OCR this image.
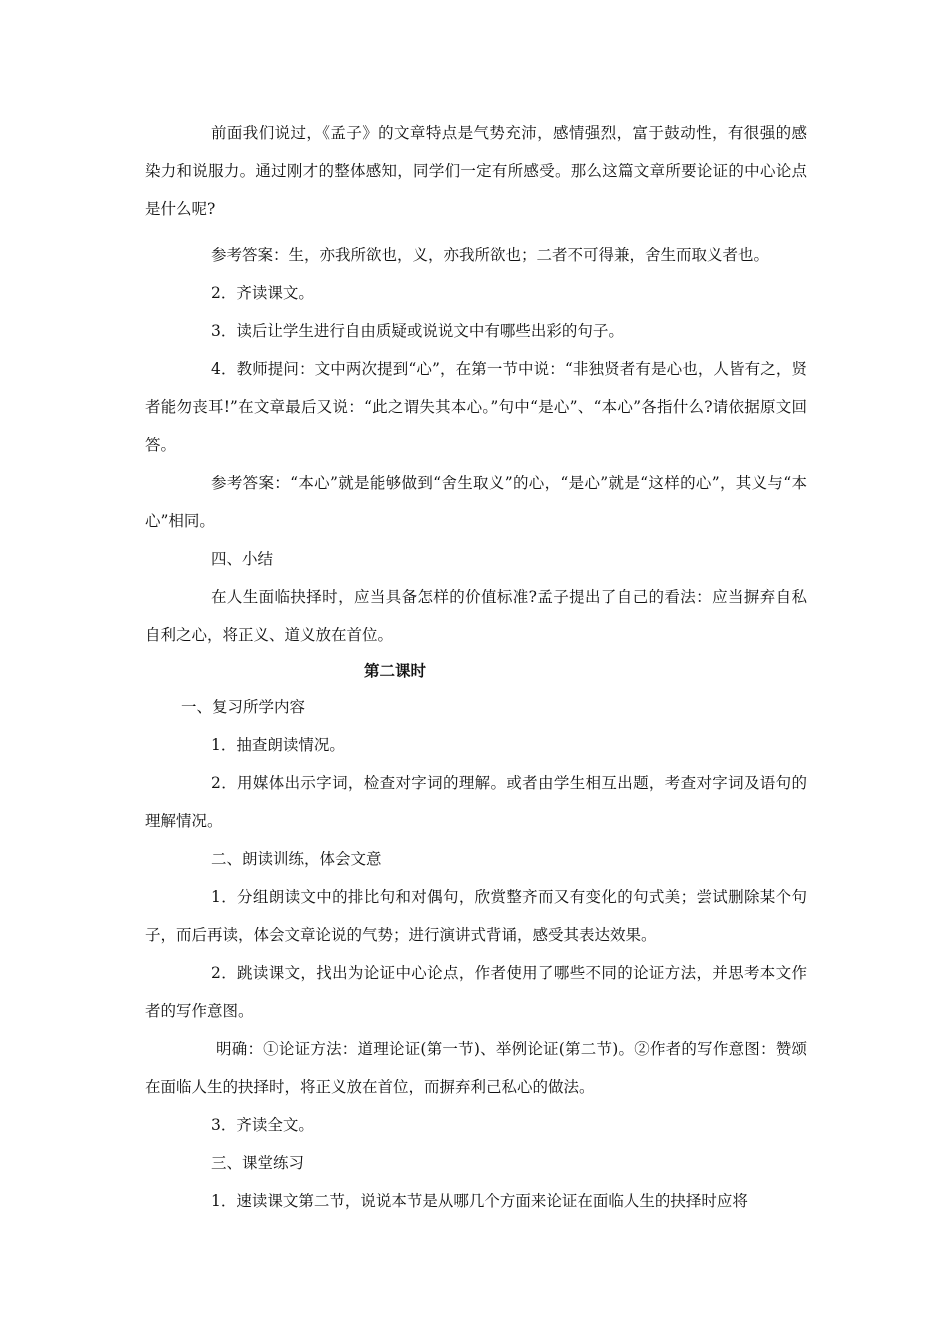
前面我们说过，《孟子》的文章特点是气势充沛，感情强烈，富于鼓动性，有很强的感染力和说服力。通过刚才的整体感知，同学们一定有所感受。那么这篇文章所要论证的中心论点是什么呢?

参考答案：生，亦我所欲也，义，亦我所欲也；二者不可得兼，舍生而取义者也。

2．齐读课文。

3．读后让学生进行自由质疑或说说文中有哪些出彩的句子。

4．教师提问：文中两次提到“心”，在第一节中说：“非独贤者有是心也，人皆有之，贤者能勿丧耳!”在文章最后又说：“此之谓失其本心。”句中“是心”、“本心”各指什么?请依据原文回答。

参考答案：“本心”就是能够做到“舍生取义”的心，“是心”就是“这样的心”，其义与“本心”相同。

四、小结

在人生面临抉择时，应当具备怎样的价值标准?孟子提出了自己的看法：应当摒弃自私自利之心，将正义、道义放在首位。

第二课时

一、复习所学内容

1．抽查朗读情况。

2．用媒体出示字词，检查对字词的理解。或者由学生相互出题，考查对字词及语句的理解情况。

二、朗读训练，体会文意

1．分组朗读文中的排比句和对偶句，欣赏整齐而又有变化的句式美；尝试删除某个句子，而后再读，体会文章论说的气势；进行演讲式背诵，感受其表达效果。

2．跳读课文，找出为论证中心论点，作者使用了哪些不同的论证方法，并思考本文作者的写作意图。

明确：①论证方法：道理论证(第一节)、举例论证(第二节)。②作者的写作意图：赞颂在面临人生的抉择时，将正义放在首位，而摒弃利己私心的做法。

3．齐读全文。

三、课堂练习

1．速读课文第二节，说说本节是从哪几个方面来论证在面临人生的抉择时应将
